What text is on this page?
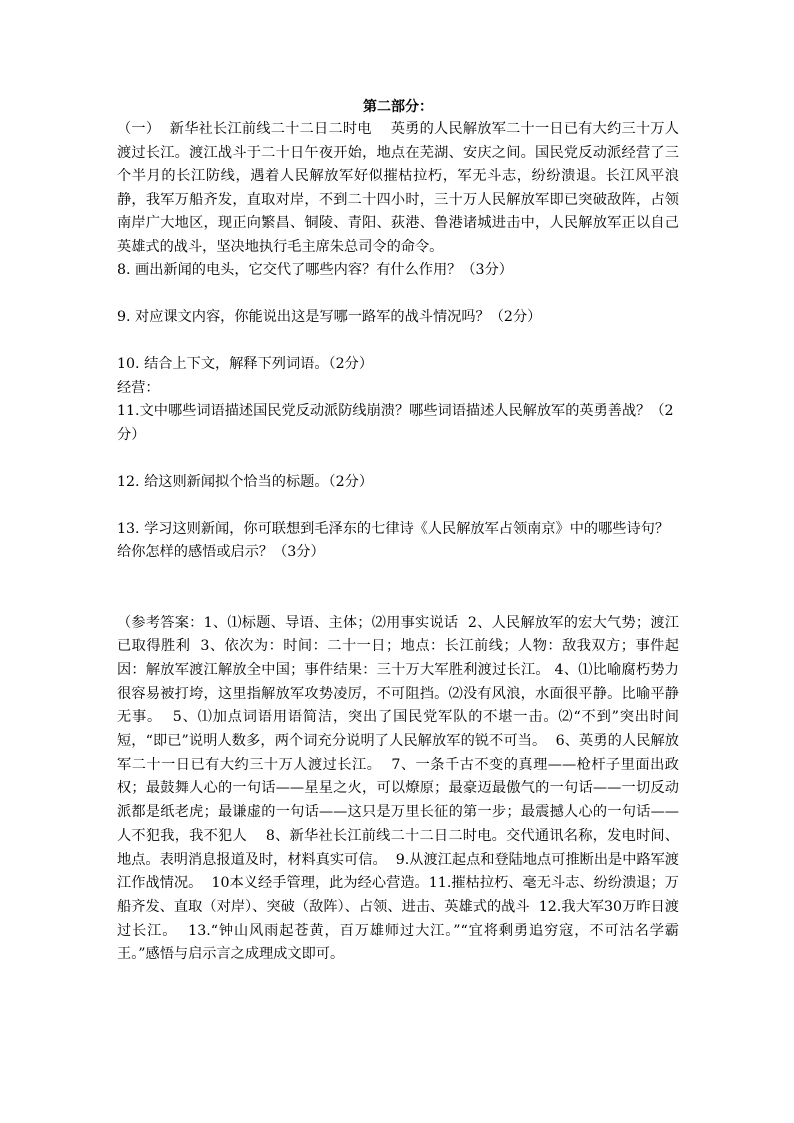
第二部分：

（一）  新华社长江前线二十二日二时电    英勇的人民解放军二十一日已有大约三十万人渡过长江。渡江战斗于二十日午夜开始，地点在芜湖、安庆之间。国民党反动派经营了三个半月的长江防线，遇着人民解放军好似摧枯拉朽，军无斗志，纷纷溃退。长江风平浪静，我军万船齐发，直取对岸，不到二十四小时，三十万人民解放军即已突破敌阵，占领南岸广大地区，现正向繁昌、铜陵、青阳、荻港、鲁港诸城进击中，人民解放军正以自己英雄式的战斗，坚决地执行毛主席朱总司令的命令。

8. 画出新闻的电头，它交代了哪些内容？有什么作用？（3分）

9. 对应课文内容，你能说出这是写哪一路军的战斗情况吗？（2分）

10. 结合上下文，解释下列词语。（2分）

经营：

11.文中哪些词语描述国民党反动派防线崩溃？哪些词语描述人民解放军的英勇善战？（2分）

12. 给这则新闻拟个恰当的标题。（2分）

13. 学习这则新闻，你可联想到毛泽东的七律诗《人民解放军占领南京》中的哪些诗句？给你怎样的感悟或启示？（3分）

（参考答案：1、⑴标题、导语、主体；⑵用事实说话  2、人民解放军的宏大气势；渡江已取得胜利  3、依次为：时间：二十一日；地点：长江前线；人物：敌我双方；事件起因：解放军渡江解放全中国；事件结果：三十万大军胜利渡过长江。 4、⑴比喻腐朽势力很容易被打垮，这里指解放军攻势凌厉，不可阻挡。⑵没有风浪，水面很平静。比喻平静无事。  5、⑴加点词语用语简洁，突出了国民党军队的不堪一击。⑵“不到”突出时间短，“即已”说明人数多，两个词充分说明了人民解放军的锐不可当。  6、英勇的人民解放军二十一日已有大约三十万人渡过长江。  7、一条千古不变的真理——枪杆子里面出政权；最鼓舞人心的一句话——星星之火，可以燎原；最豪迈最傲气的一句话——一切反动派都是纸老虎；最谦虚的一句话——这只是万里长征的第一步；最震撼人心的一句话——人不犯我，我不犯人    8、新华社长江前线二十二日二时电。交代通讯名称，发电时间、地点。表明消息报道及时，材料真实可信。  9.从渡江起点和登陆地点可推断出是中路军渡江作战情况。  10本义经手管理，此为经心营造。11.摧枯拉朽、毫无斗志、纷纷溃退；万船齐发、直取（对岸）、突破（敌阵）、占领、进击、英雄式的战斗  12.我大军30万昨日渡过长江。  13.“钟山风雨起苍黄，百万雄师过大江。”“宜将剩勇追穷寇，不可沽名学霸王。”感悟与启示言之成理成文即可。
